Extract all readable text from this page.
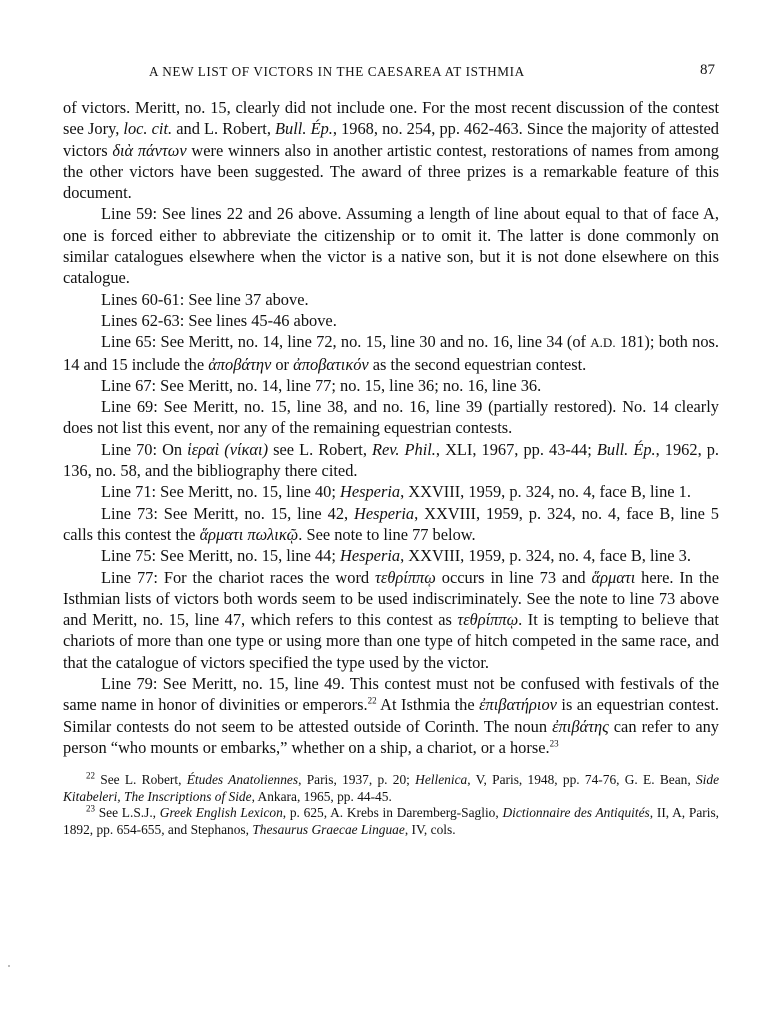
A NEW LIST OF VICTORS IN THE CAESAREA AT ISTHMIA	87

of victors. Meritt, no. 15, clearly did not include one. For the most recent discussion of the contest see Jory, loc. cit. and L. Robert, Bull. Ép., 1968, no. 254, pp. 462-463. Since the majority of attested victors διὰ πάντων were winners also in another artistic contest, restorations of names from among the other victors have been suggested. The award of three prizes is a remarkable feature of this document.

Line 59: See lines 22 and 26 above. Assuming a length of line about equal to that of face A, one is forced either to abbreviate the citizenship or to omit it. The latter is done commonly on similar catalogues elsewhere when the victor is a native son, but it is not done elsewhere on this catalogue.

Lines 60-61: See line 37 above.

Lines 62-63: See lines 45-46 above.

Line 65: See Meritt, no. 14, line 72, no. 15, line 30 and no. 16, line 34 (of A.D. 181); both nos. 14 and 15 include the ἀποβάτην or ἀποβατικόν as the second equestrian contest.

Line 67: See Meritt, no. 14, line 77; no. 15, line 36; no. 16, line 36.

Line 69: See Meritt, no. 15, line 38, and no. 16, line 39 (partially restored). No. 14 clearly does not list this event, nor any of the remaining equestrian contests.

Line 70: On ἱεραὶ (νίκαι) see L. Robert, Rev. Phil., XLI, 1967, pp. 43-44; Bull. Ép., 1962, p. 136, no. 58, and the bibliography there cited.

Line 71: See Meritt, no. 15, line 40; Hesperia, XXVIII, 1959, p. 324, no. 4, face B, line 1.

Line 73: See Meritt, no. 15, line 42, Hesperia, XXVIII, 1959, p. 324, no. 4, face B, line 5 calls this contest the ἅρματι πωλικῷ. See note to line 77 below.

Line 75: See Meritt, no. 15, line 44; Hesperia, XXVIII, 1959, p. 324, no. 4, face B, line 3.

Line 77: For the chariot races the word τεθρίππῳ occurs in line 73 and ἅρματι here. In the Isthmian lists of victors both words seem to be used indiscriminately. See the note to line 73 above and Meritt, no. 15, line 47, which refers to this contest as τεθρίππῳ. It is tempting to believe that chariots of more than one type or using more than one type of hitch competed in the same race, and that the catalogue of victors specified the type used by the victor.

Line 79: See Meritt, no. 15, line 49. This contest must not be confused with festivals of the same name in honor of divinities or emperors.$^{22}$ At Isthmia the ἐπιβατήριον is an equestrian contest. Similar contests do not seem to be attested outside of Corinth. The noun ἐπιβάτης can refer to any person “who mounts or embarks,” whether on a ship, a chariot, or a horse.$^{23}$

$^{22}$ See L. Robert, Études Anatoliennes, Paris, 1937, p. 20; Hellenica, V, Paris, 1948, pp. 74-76, G. E. Bean, Side Kitabeleri, The Inscriptions of Side, Ankara, 1965, pp. 44-45.

$^{23}$ See L.S.J., Greek English Lexicon, p. 625, A. Krebs in Daremberg-Saglio, Dictionnaire des Antiquités, II, A, Paris, 1892, pp. 654-655, and Stephanos, Thesaurus Graecae Linguae, IV, cols.
